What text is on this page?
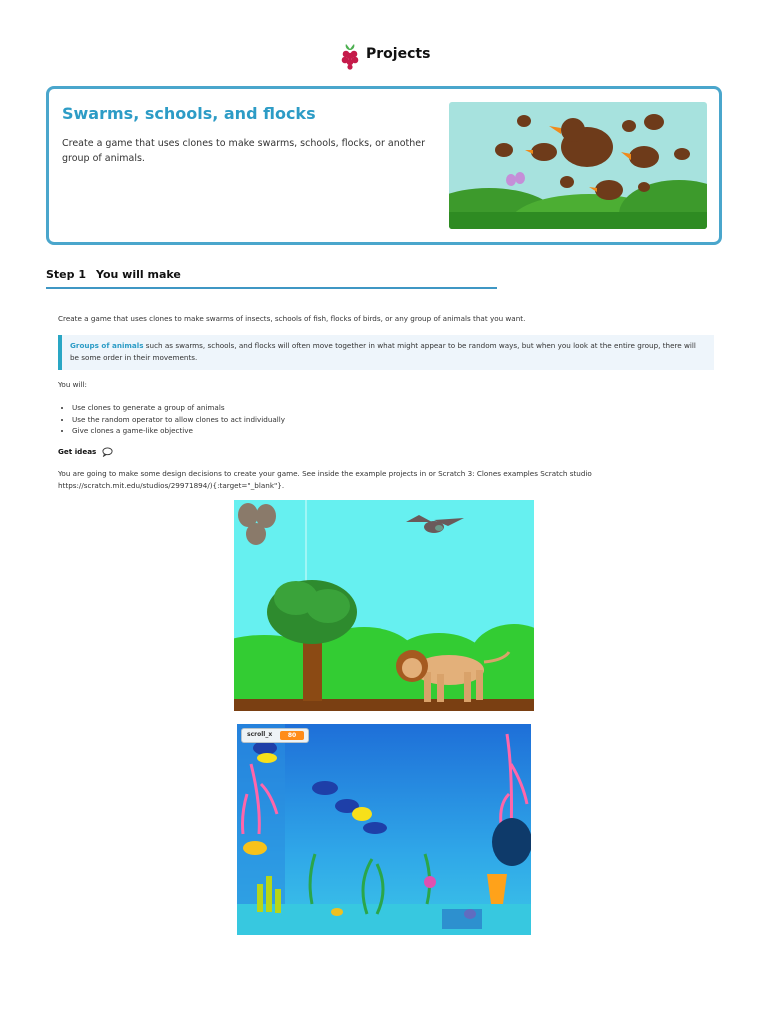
Projects
Swarms, schools, and flocks
Create a game that uses clones to make swarms, schools, flocks, or another group of animals.
Step 1 You will make
Create a game that uses clones to make swarms of insects, schools of fish, flocks of birds, or any group of animals that you want.
Groups of animals such as swarms, schools, and flocks will often move together in what might appear to be random ways, but when you look at the entire group, there will be some order in their movements.
You will:
• Use clones to generate a group of animals
• Use the random operator to allow clones to act individually
• Give clones a game-like objective
Get ideas
You are going to make some design decisions to create your game. See inside the example projects in or Scratch 3: Clones examples Scratch studio https://scratch.mit.edu/studios/29971894/){:target="_blank"}.
scroll_x	80
